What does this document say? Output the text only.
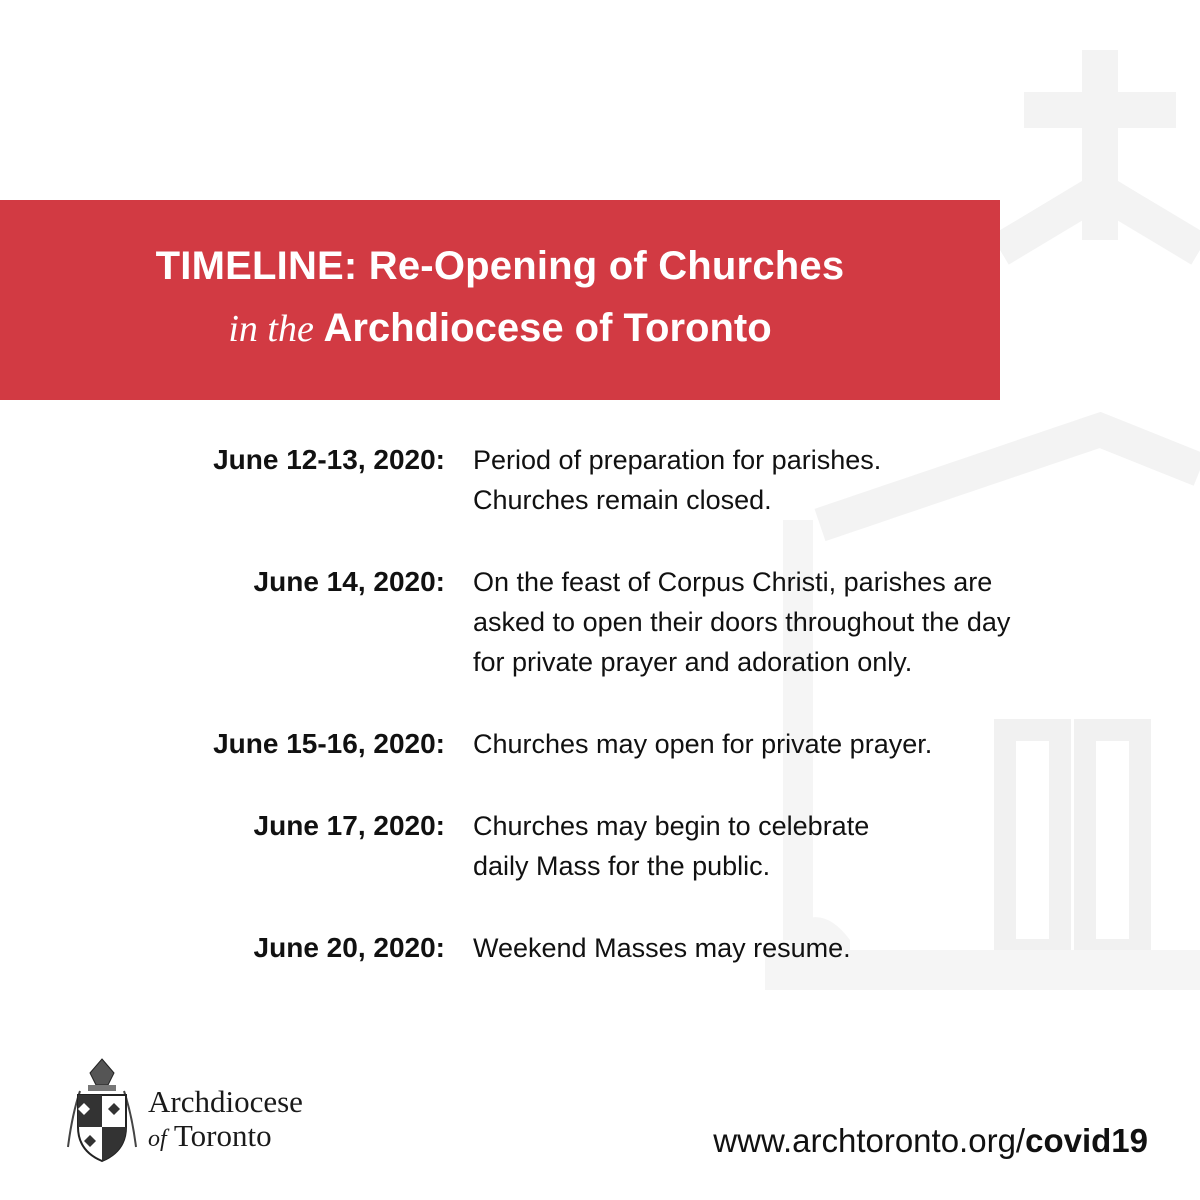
TIMELINE: Re-Opening of Churches
in the Archdiocese of Toronto
June 12-13, 2020: Period of preparation for parishes.
Churches remain closed.
June 14, 2020: On the feast of Corpus Christi, parishes are
asked to open their doors throughout the day
for private prayer and adoration only.
June 15-16, 2020: Churches may open for private prayer.
June 17, 2020: Churches may begin to celebrate
daily Mass for the public.
June 20, 2020: Weekend Masses may resume.
Archdiocese
of Toronto	www.archtoronto.org/covid19
